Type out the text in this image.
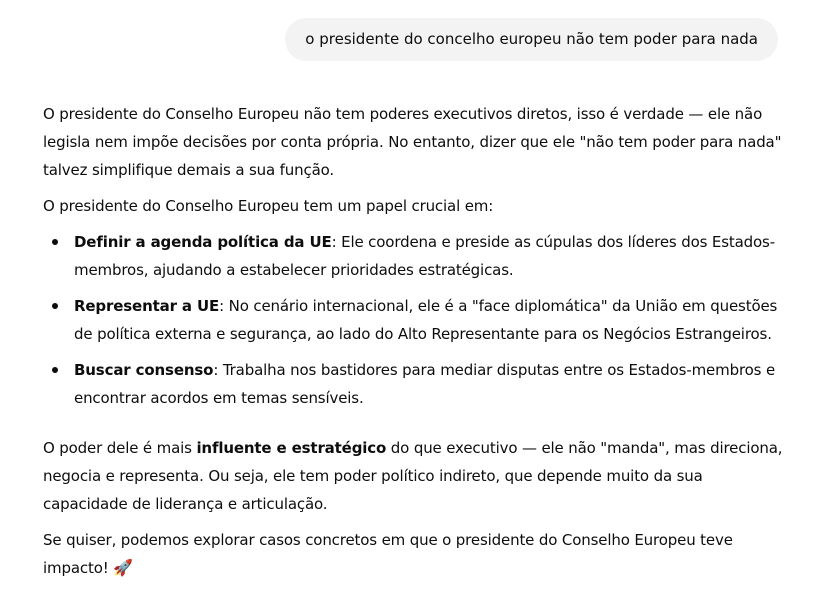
o presidente do concelho europeu não tem poder para nada

O presidente do Conselho Europeu não tem poderes executivos diretos, isso é verdade — ele não legisla nem impõe decisões por conta própria. No entanto, dizer que ele "não tem poder para nada" talvez simplifique demais a sua função.

O presidente do Conselho Europeu tem um papel crucial em:

Definir a agenda política da UE: Ele coordena e preside as cúpulas dos líderes dos Estados-membros, ajudando a estabelecer prioridades estratégicas.
Representar a UE: No cenário internacional, ele é a "face diplomática" da União em questões de política externa e segurança, ao lado do Alto Representante para os Negócios Estrangeiros.
Buscar consenso: Trabalha nos bastidores para mediar disputas entre os Estados-membros e encontrar acordos em temas sensíveis.

O poder dele é mais influente e estratégico do que executivo — ele não "manda", mas direciona, negocia e representa. Ou seja, ele tem poder político indireto, que depende muito da sua capacidade de liderança e articulação.

Se quiser, podemos explorar casos concretos em que o presidente do Conselho Europeu teve impacto! 🚀
